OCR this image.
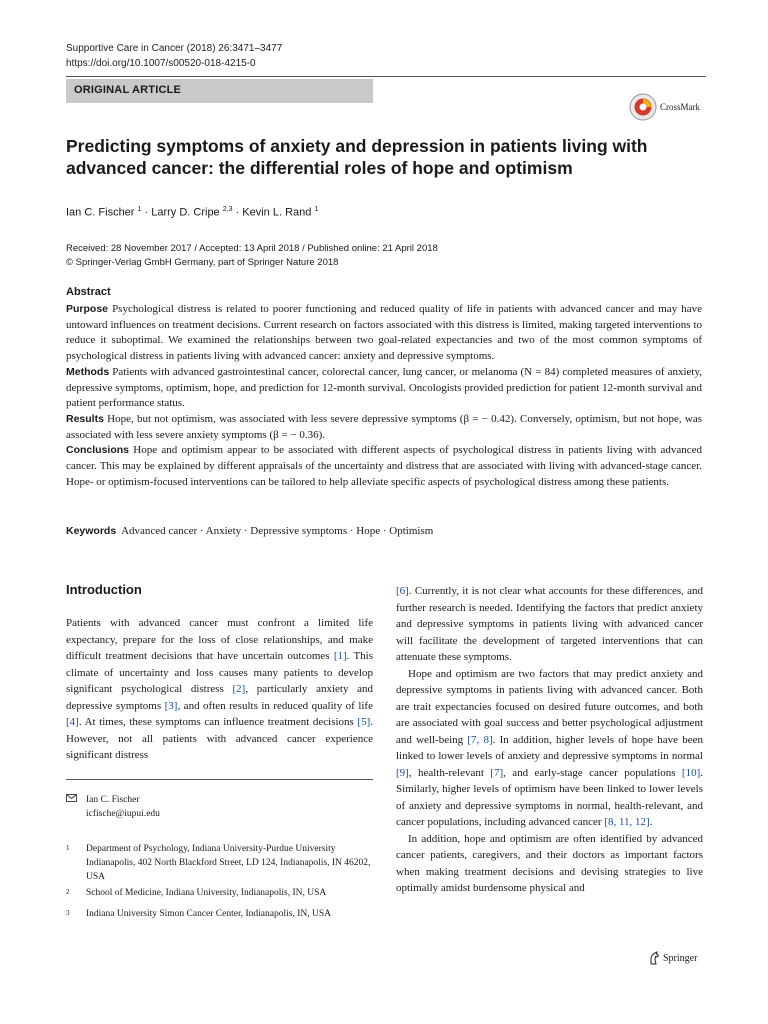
Supportive Care in Cancer (2018) 26:3471–3477
https://doi.org/10.1007/s00520-018-4215-0
ORIGINAL ARTICLE
CrossMark
Predicting symptoms of anxiety and depression in patients living with advanced cancer: the differential roles of hope and optimism
Ian C. Fischer $^1$ · Larry D. Cripe $^{2,3}$ · Kevin L. Rand $^1$
Received: 28 November 2017 / Accepted: 13 April 2018 / Published online: 21 April 2018
© Springer-Verlag GmbH Germany, part of Springer Nature 2018
Abstract

Purpose Psychological distress is related to poorer functioning and reduced quality of life in patients with advanced cancer and may have untoward influences on treatment decisions. Current research on factors associated with this distress is limited, making targeted interventions to reduce it suboptimal. We examined the relationships between two goal-related expectancies and two of the most common symptoms of psychological distress in patients living with advanced cancer: anxiety and depressive symptoms.

Methods Patients with advanced gastrointestinal cancer, colorectal cancer, lung cancer, or melanoma (N = 84) completed measures of anxiety, depressive symptoms, optimism, hope, and prediction for 12-month survival. Oncologists provided prediction for patient 12-month survival and patient performance status.

Results Hope, but not optimism, was associated with less severe depressive symptoms (β = − 0.42). Conversely, optimism, but not hope, was associated with less severe anxiety symptoms (β = − 0.36).

Conclusions Hope and optimism appear to be associated with different aspects of psychological distress in patients living with advanced cancer. This may be explained by different appraisals of the uncertainty and distress that are associated with living with advanced-stage cancer. Hope- or optimism-focused interventions can be tailored to help alleviate specific aspects of psychological distress among these patients.

Keywords Advanced cancer · Anxiety · Depressive symptoms · Hope · Optimism
Introduction

Patients with advanced cancer must confront a limited life expectancy, prepare for the loss of close relationships, and make difficult treatment decisions that have uncertain outcomes [1]. This climate of uncertainty and loss causes many patients to develop significant psychological distress [2], particularly anxiety and depressive symptoms [3], and often results in reduced quality of life [4]. At times, these symptoms can influence treatment decisions [5]. However, not all patients with advanced cancer experience significant distress

[6]. Currently, it is not clear what accounts for these differences, and further research is needed. Identifying the factors that predict anxiety and depressive symptoms in patients living with advanced cancer will facilitate the development of targeted interventions that can attenuate these symptoms.

Hope and optimism are two factors that may predict anxiety and depressive symptoms in patients living with advanced cancer. Both are trait expectancies focused on desired future outcomes, and both are associated with goal success and better psychological adjustment and well-being [7, 8]. In addition, higher levels of hope have been linked to lower levels of anxiety and depressive symptoms in normal [9], health-relevant [7], and early-stage cancer populations [10]. Similarly, higher levels of optimism have been linked to lower levels of anxiety and depressive symptoms in normal, health-relevant, and cancer populations, including advanced cancer [8, 11, 12].

In addition, hope and optimism are often identified by advanced cancer patients, caregivers, and their doctors as important factors when making treatment decisions and devising strategies to live optimally amidst burdensome physical and

Ian C. Fischer
icfische@iupui.edu
1 Department of Psychology, Indiana University-Purdue University Indianapolis, 402 North Blackford Street, LD 124, Indianapolis, IN 46202, USA
2 School of Medicine, Indiana University, Indianapolis, IN, USA
3 Indiana University Simon Cancer Center, Indianapolis, IN, USA
Springer
